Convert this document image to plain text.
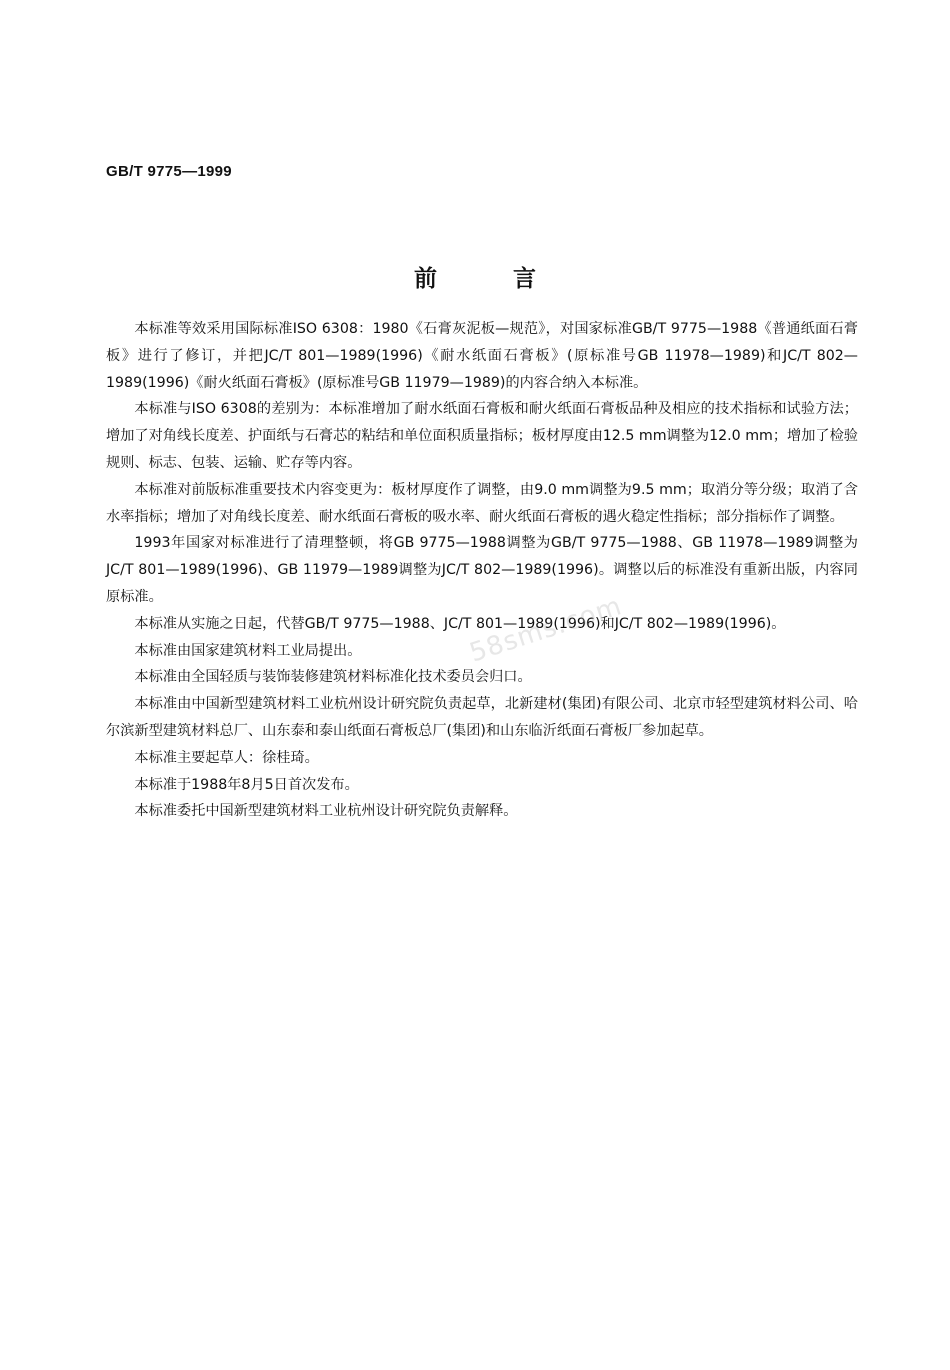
GB/T 9775—1999
前	言

本标准等效采用国际标准ISO 6308：1980《石膏灰泥板—规范》，对国家标准GB/T 9775—1988《普通纸面石膏板》进行了修订，并把JC/T 801—1989(1996)《耐水纸面石膏板》(原标准号GB 11978—1989)和JC/T 802—1989(1996)《耐火纸面石膏板》(原标准号GB 11979—1989)的内容合纳入本标准。

本标准与ISO 6308的差别为：本标准增加了耐水纸面石膏板和耐火纸面石膏板品种及相应的技术指标和试验方法；增加了对角线长度差、护面纸与石膏芯的粘结和单位面积质量指标；板材厚度由12.5 mm调整为12.0 mm；增加了检验规则、标志、包装、运输、贮存等内容。

本标准对前版标准重要技术内容变更为：板材厚度作了调整，由9.0 mm调整为9.5 mm；取消分等分级；取消了含水率指标；增加了对角线长度差、耐水纸面石膏板的吸水率、耐火纸面石膏板的遇火稳定性指标；部分指标作了调整。

1993年国家对标准进行了清理整顿，将GB 9775—1988调整为GB/T 9775—1988、GB 11978—1989调整为JC/T 801—1989(1996)、GB 11979—1989调整为JC/T 802—1989(1996)。调整以后的标准没有重新出版，内容同原标准。

本标准从实施之日起，代替GB/T 9775—1988、JC/T 801—1989(1996)和JC/T 802—1989(1996)。

本标准由国家建筑材料工业局提出。

本标准由全国轻质与装饰装修建筑材料标准化技术委员会归口。

本标准由中国新型建筑材料工业杭州设计研究院负责起草，北新建材(集团)有限公司、北京市轻型建筑材料公司、哈尔滨新型建筑材料总厂、山东泰和泰山纸面石膏板总厂(集团)和山东临沂纸面石膏板厂参加起草。

本标准主要起草人：徐桂琦。

本标准于1988年8月5日首次发布。

本标准委托中国新型建筑材料工业杭州设计研究院负责解释。

58sms.com
